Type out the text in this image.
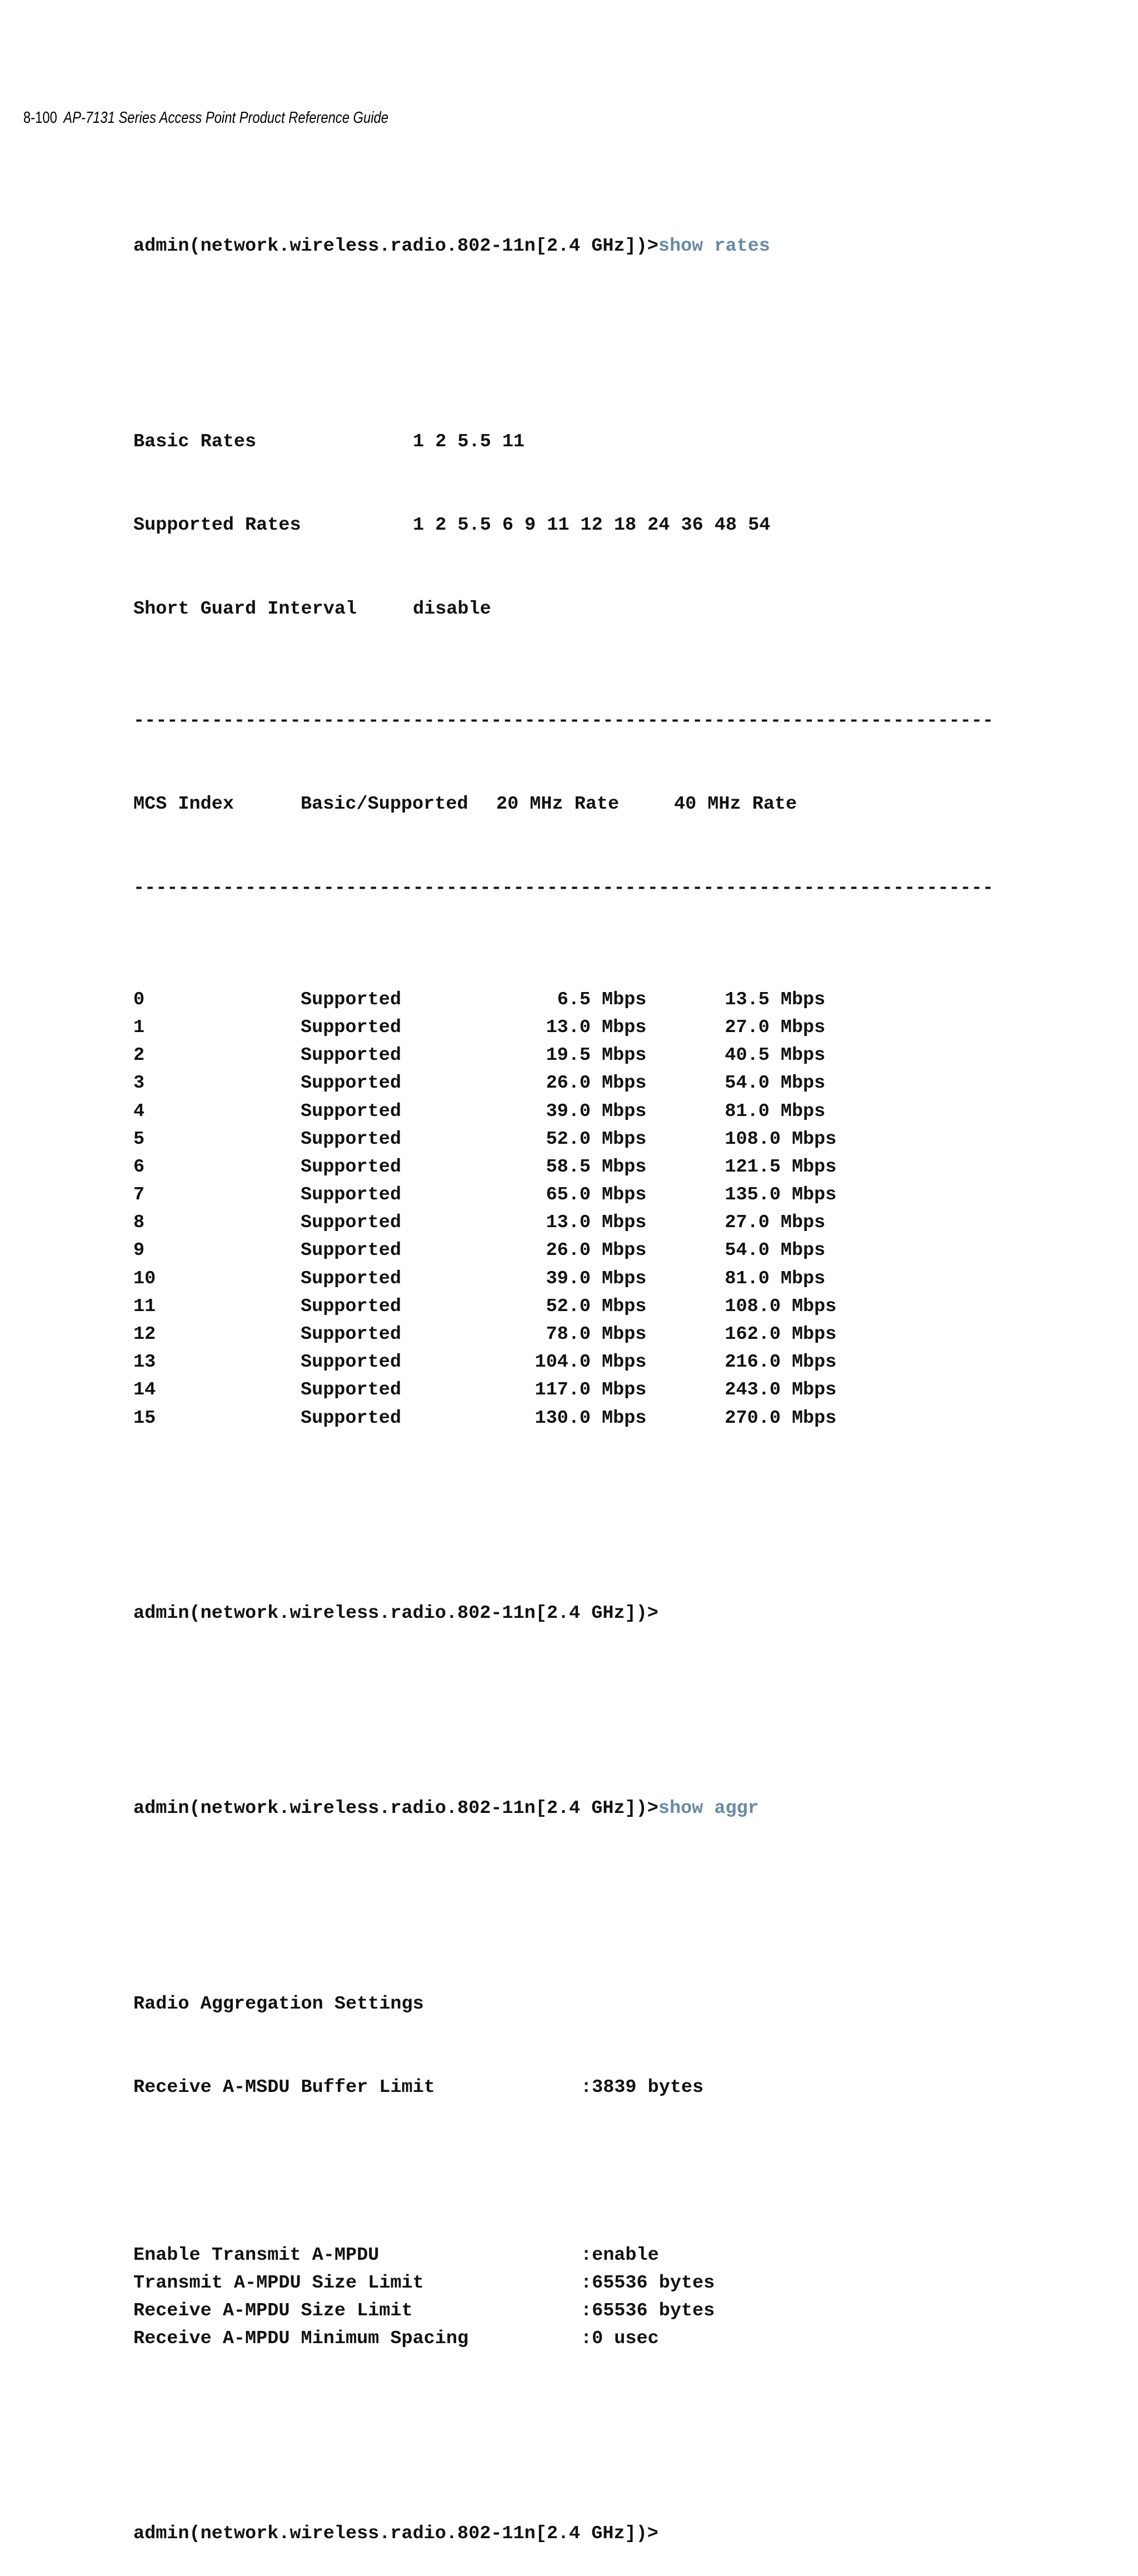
8-100 AP-7131 Series Access Point Product Reference Guide

admin(network.wireless.radio.802-11n[2.4 GHz])>show rates

Basic Rates	1 2 5.5 11

Supported Rates	1 2 5.5 6 9 11 12 18 24 36 48 54

Short Guard Interval	disable

-----------------------------------------------------------------------------

MCS Index	Basic/Supported 20 MHz Rate	40 MHz Rate

-----------------------------------------------------------------------------

0	Supported	6.5 Mbps	13.5 Mbps
1	Supported	13.0 Mbps	27.0 Mbps
2	Supported	19.5 Mbps	40.5 Mbps
3	Supported	26.0 Mbps	54.0 Mbps
4	Supported	39.0 Mbps	81.0 Mbps
5	Supported	52.0 Mbps	108.0 Mbps
6	Supported	58.5 Mbps	121.5 Mbps
7	Supported	65.0 Mbps	135.0 Mbps
8	Supported	13.0 Mbps	27.0 Mbps
9	Supported	26.0 Mbps	54.0 Mbps
10	Supported	39.0 Mbps	81.0 Mbps
11	Supported	52.0 Mbps	108.0 Mbps
12	Supported	78.0 Mbps	162.0 Mbps
13	Supported	104.0 Mbps	216.0 Mbps
14	Supported	117.0 Mbps	243.0 Mbps
15	Supported	130.0 Mbps	270.0 Mbps

admin(network.wireless.radio.802-11n[2.4 GHz])>

admin(network.wireless.radio.802-11n[2.4 GHz])>show aggr

Radio Aggregation Settings

Receive A-MSDU Buffer Limit	:3839 bytes

Enable Transmit A-MPDU	:enable
Transmit A-MPDU Size Limit	:65536 bytes
Receive A-MPDU Size Limit	:65536 bytes
Receive A-MPDU Minimum Spacing	:0 usec

admin(network.wireless.radio.802-11n[2.4 GHz])>
